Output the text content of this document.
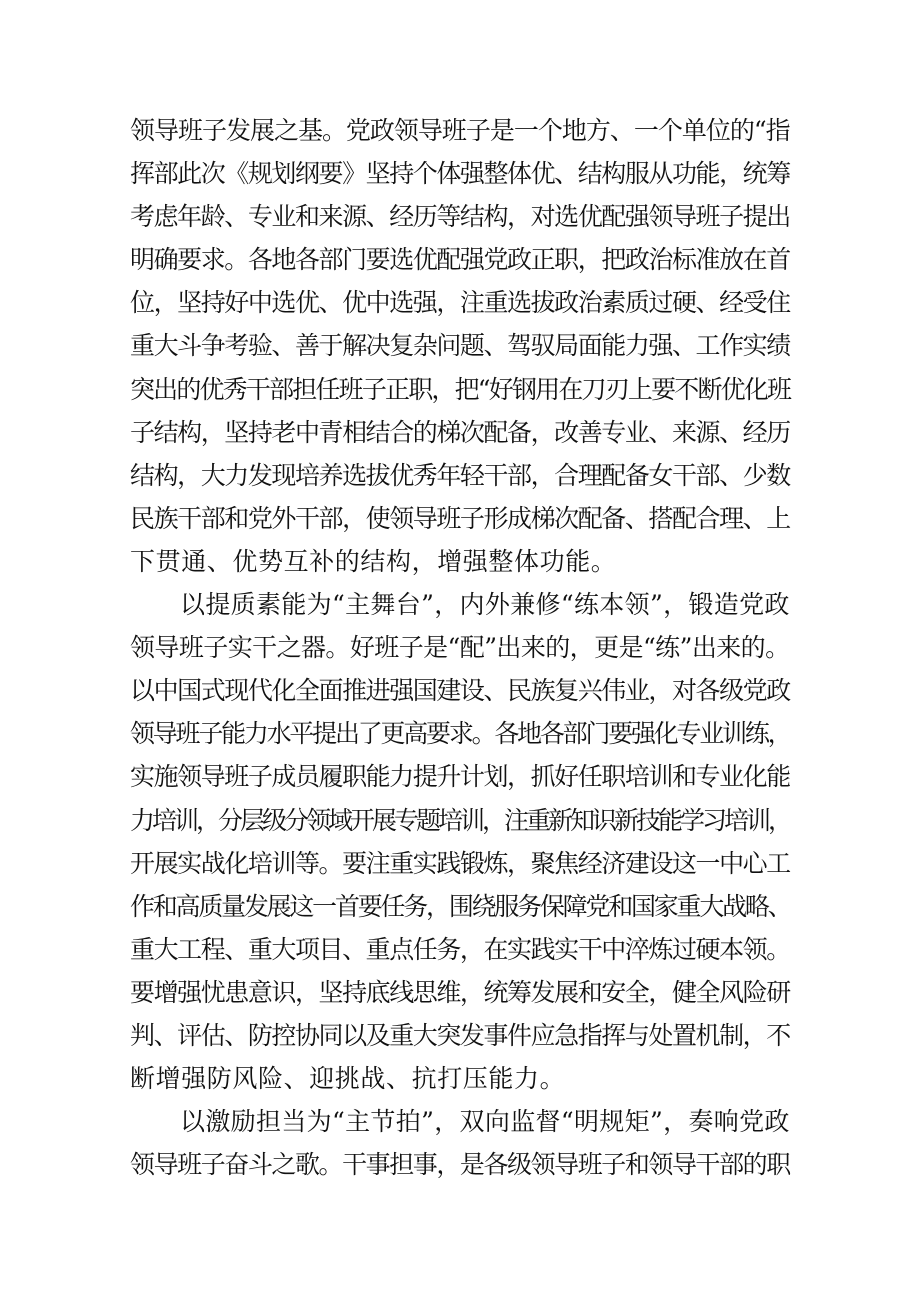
领导班子发展之基。党政领导班子是一个地方、一个单位的“指
挥部此次《规划纲要》坚持个体强整体优、结构服从功能，统筹
考虑年龄、专业和来源、经历等结构，对选优配强领导班子提出
明确要求。各地各部门要选优配强党政正职，把政治标准放在首
位，坚持好中选优、优中选强，注重选拔政治素质过硬、经受住
重大斗争考验、善于解决复杂问题、驾驭局面能力强、工作实绩
突出的优秀干部担任班子正职，把“好钢用在刀刃上要不断优化班
子结构，坚持老中青相结合的梯次配备，改善专业、来源、经历
结构，大力发现培养选拔优秀年轻干部，合理配备女干部、少数
民族干部和党外干部，使领导班子形成梯次配备、搭配合理、上
下贯通、优势互补的结构，增强整体功能。
以提质素能为“主舞台”，内外兼修“练本领”，锻造党政
领导班子实干之器。好班子是“配”出来的，更是“练”出来的。
以中国式现代化全面推进强国建设、民族复兴伟业，对各级党政
领导班子能力水平提出了更高要求。各地各部门要强化专业训练，
实施领导班子成员履职能力提升计划，抓好任职培训和专业化能
力培训，分层级分领域开展专题培训，注重新知识新技能学习培训，
开展实战化培训等。要注重实践锻炼，聚焦经济建设这一中心工
作和高质量发展这一首要任务，围绕服务保障党和国家重大战略、
重大工程、重大项目、重点任务，在实践实干中淬炼过硬本领。
要增强忧患意识，坚持底线思维，统筹发展和安全，健全风险研
判、评估、防控协同以及重大突发事件应急指挥与处置机制，不
断增强防风险、迎挑战、抗打压能力。
以激励担当为“主节拍”，双向监督“明规矩”，奏响党政
领导班子奋斗之歌。干事担事，是各级领导班子和领导干部的职
